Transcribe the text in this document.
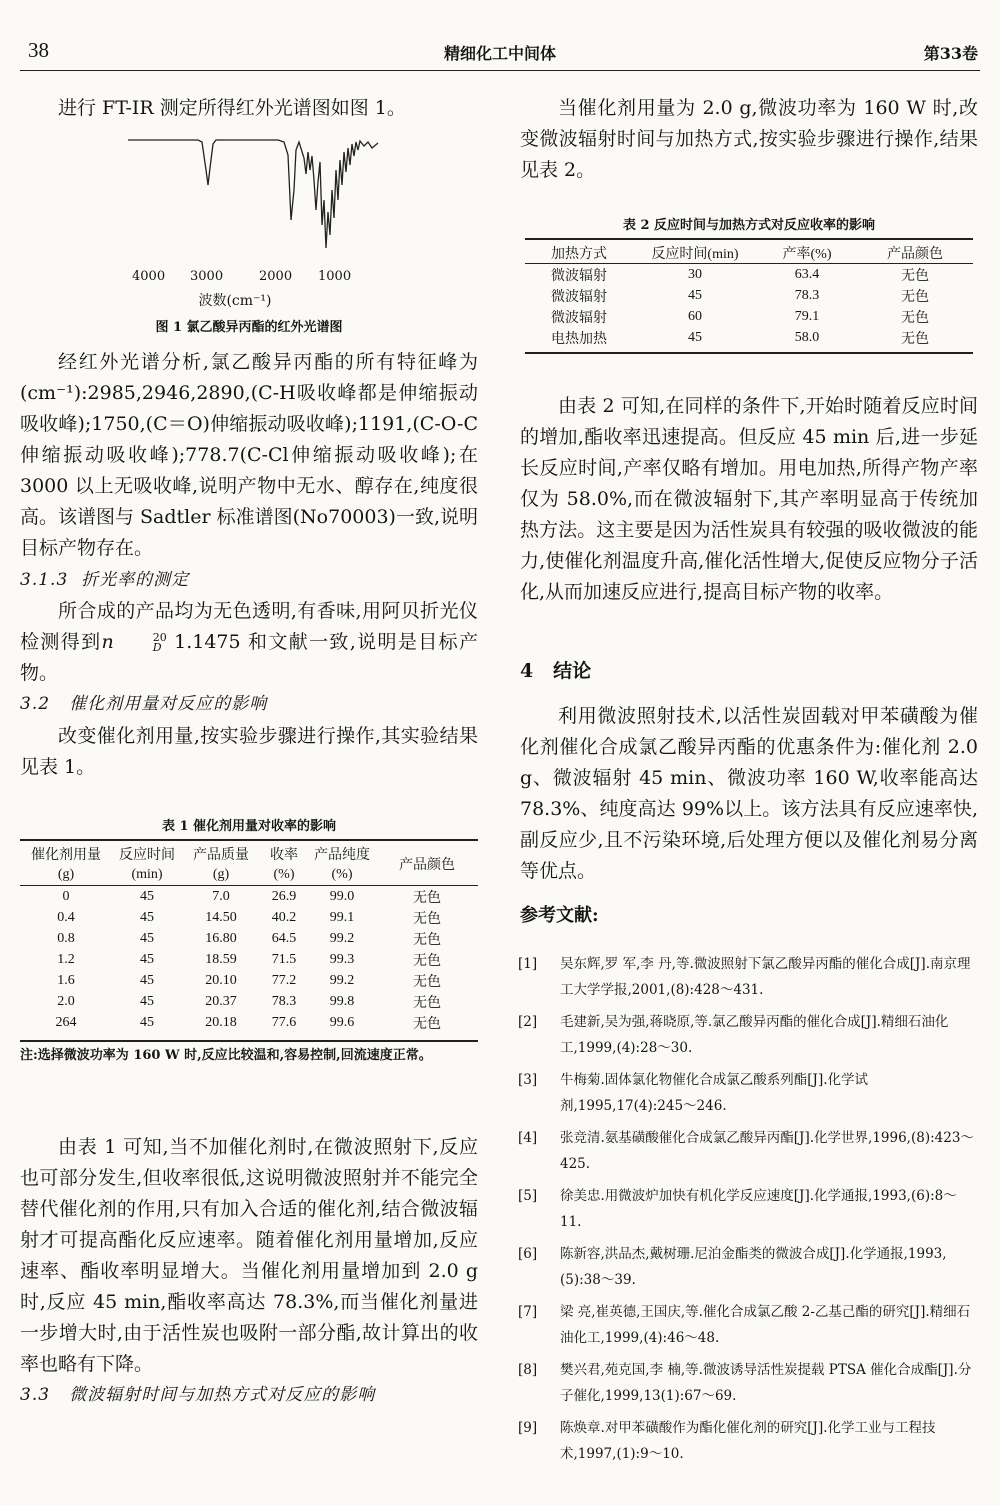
38	精细化工中间体	第33卷

进行 FT-IR 测定所得红外光谱图如图 1。

4000 3000	2000 1000
波数(cm⁻¹)
图 1 氯乙酸异丙酯的红外光谱图

经红外光谱分析,氯乙酸异丙酯的所有特征峰为(cm⁻¹):2985,2946,2890,(C-H吸收峰都是伸缩振动吸收峰);1750,(C＝O)伸缩振动吸收峰);1191,(C-O-C伸缩振动吸收峰);778.7(C-Cl伸缩振动吸收峰);在 3000 以上无吸收峰,说明产物中无水、醇存在,纯度很高。该谱图与 Sadtler 标准谱图(No70003)一致,说明目标产物存在。

3.1.3 折光率的测定

所合成的产品均为无色透明,有香味,用阿贝折光仪检测得到n	20
D 1.1475 和文献一致,说明是目标产物。

3.2 催化剂用量对反应的影响

改变催化剂用量,按实验步骤进行操作,其实验结果见表 1。

表 1 催化剂用量对收率的影响
催化剂用量	反应时间	产品质量	收率	产品纯度	产品颜色
(g)	(min)	(g)	(%)	(%)	
0	45	7.0	26.9	99.0	无色
0.4	45	14.50	40.2	99.1	无色
0.8	45	16.80	64.5	99.2	无色
1.2	45	18.59	71.5	99.3	无色
1.6	45	20.10	77.2	99.2	无色
2.0	45	20.37	78.3	99.8	无色
264	45	20.18	77.6	99.6	无色
注:选择微波功率为 160 W 时,反应比较温和,容易控制,回流速度正常。

由表 1 可知,当不加催化剂时,在微波照射下,反应也可部分发生,但收率很低,这说明微波照射并不能完全替代催化剂的作用,只有加入合适的催化剂,结合微波辐射才可提高酯化反应速率。随着催化剂用量增加,反应速率、酯收率明显增大。当催化剂用量增加到 2.0 g 时,反应 45 min,酯收率高达 78.3%,而当催化剂量进一步增大时,由于活性炭也吸附一部分酯,故计算出的收率也略有下降。

3.3 微波辐射时间与加热方式对反应的影响

当催化剂用量为 2.0 g,微波功率为 160 W 时,改变微波辐射时间与加热方式,按实验步骤进行操作,结果见表 2。

表 2 反应时间与加热方式对反应收率的影响
加热方式	反应时间(min)	产率(%)	产品颜色
微波辐射	30	63.4	无色
微波辐射	45	78.3	无色
微波辐射	60	79.1	无色
电热加热	45	58.0	无色

由表 2 可知,在同样的条件下,开始时随着反应时间的增加,酯收率迅速提高。但反应 45 min 后,进一步延长反应时间,产率仅略有增加。用电加热,所得产物产率仅为 58.0%,而在微波辐射下,其产率明显高于传统加热方法。这主要是因为活性炭具有较强的吸收微波的能力,使催化剂温度升高,催化活性增大,促使反应物分子活化,从而加速反应进行,提高目标产物的收率。

4 结论

利用微波照射技术,以活性炭固载对甲苯磺酸为催化剂催化合成氯乙酸异丙酯的优惠条件为:催化剂 2.0 g、微波辐射 45 min、微波功率 160 W,收率能高达 78.3%、纯度高达 99%以上。该方法具有反应速率快,副反应少,且不污染环境,后处理方便以及催化剂易分离等优点。

参考文献:
[1] 吴东辉,罗 军,李 丹,等.微波照射下氯乙酸异丙酯的催化合成[J].南京理工大学学报,2001,(8):428～431.
[2] 毛建新,吴为强,蒋晓原,等.氯乙酸异丙酯的催化合成[J].精细石油化工,1999,(4):28～30.
[3] 牛梅菊.固体氯化物催化合成氯乙酸系列酯[J].化学试剂,1995,17(4):245～246.
[4] 张竞清.氨基磺酸催化合成氯乙酸异丙酯[J].化学世界,1996,(8):423～425.
[5] 徐美忠.用微波炉加快有机化学反应速度[J].化学通报,1993,(6):8～11.
[6] 陈新容,洪品杰,戴树珊.尼泊金酯类的微波合成[J].化学通报,1993,(5):38～39.
[7] 梁 亮,崔英德,王国庆,等.催化合成氯乙酸 2-乙基己酯的研究[J].精细石油化工,1999,(4):46～48.
[8] 樊兴君,苑克国,李 楠,等.微波诱导活性炭提载 PTSA 催化合成酯[J].分子催化,1999,13(1):67～69.
[9] 陈焕章.对甲苯磺酸作为酯化催化剂的研究[J].化学工业与工程技术,1997,(1):9～10.
